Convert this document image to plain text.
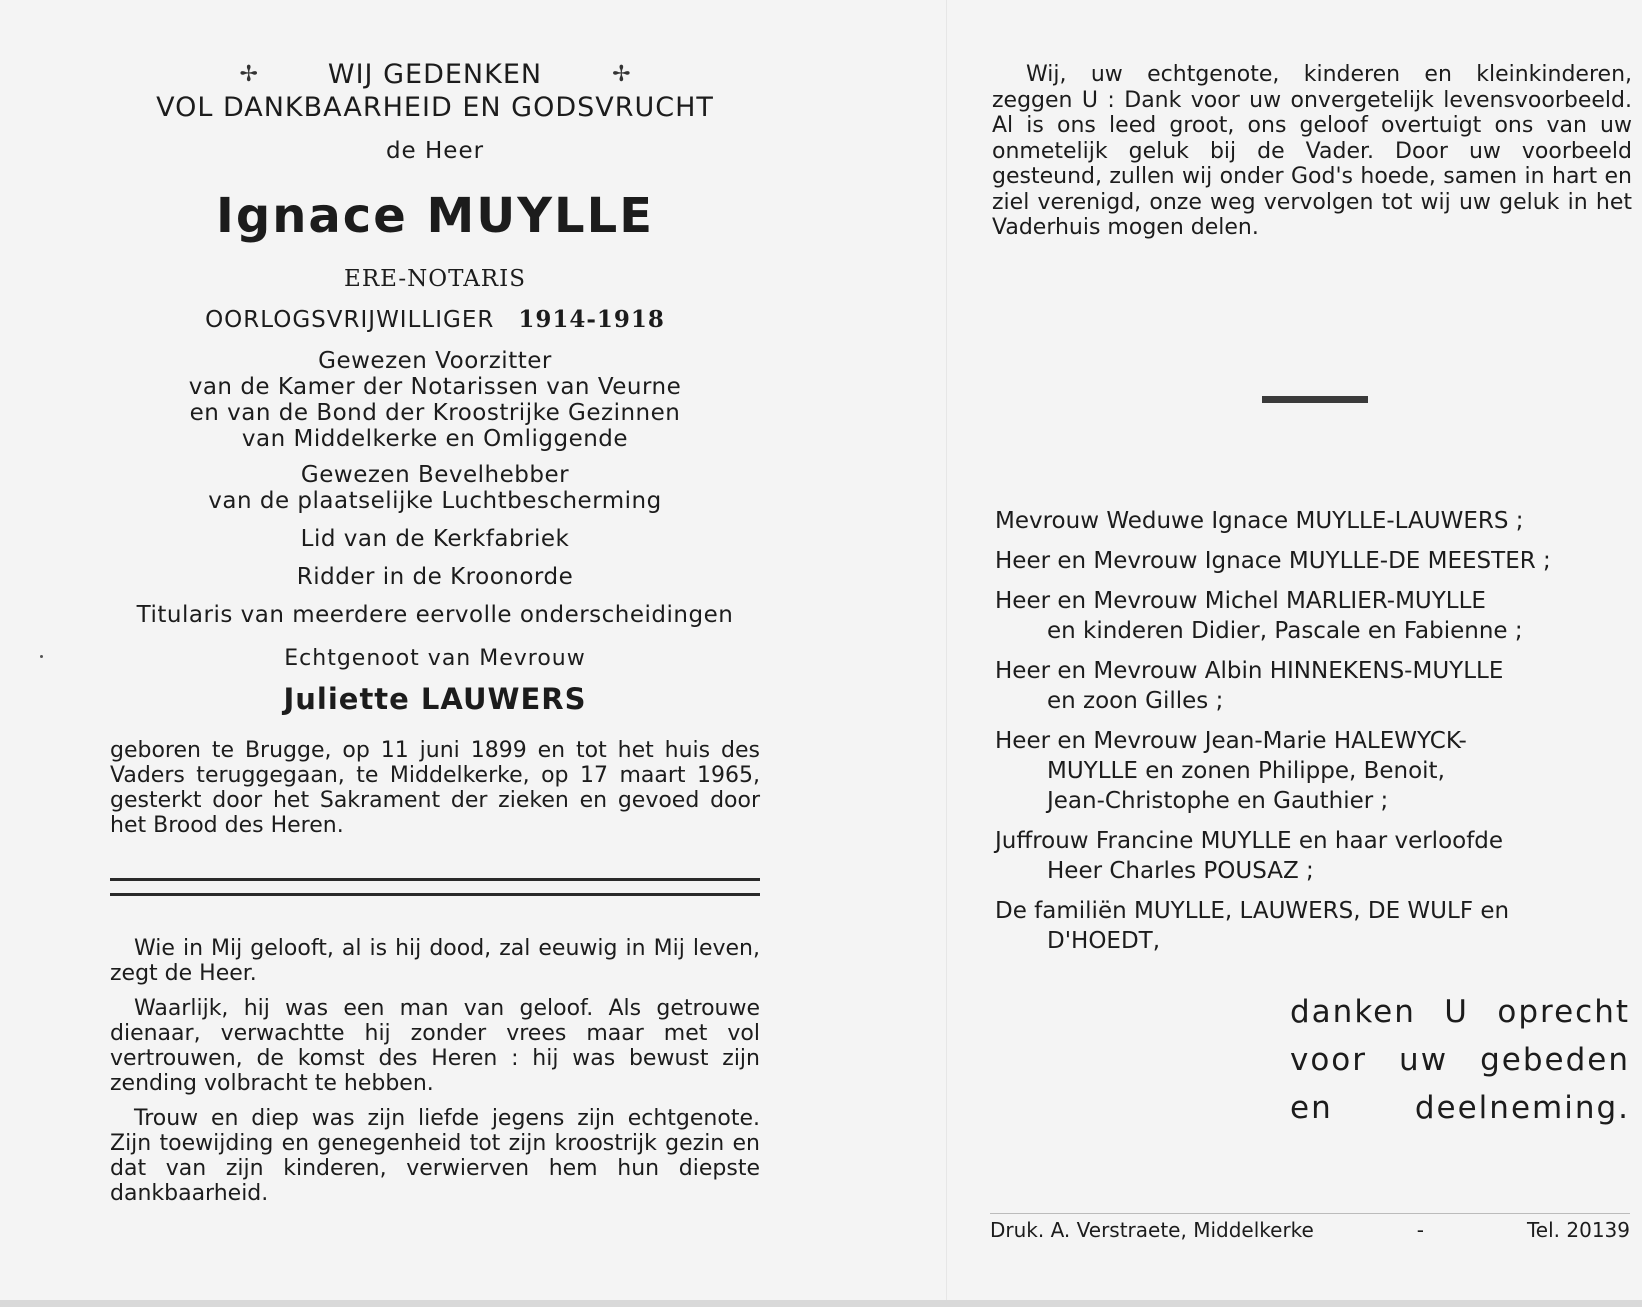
✢	WIJ GEDENKEN	✢
VOL DANKBAARHEID EN GODSVRUCHT
de Heer
Ignace MUYLLE
ERE-NOTARIS
OORLOGSVRIJWILLIGER 1914-1918
Gewezen Voorzitter
van de Kamer der Notarissen van Veurne
en van de Bond der Kroostrijke Gezinnen
van Middelkerke en Omliggende
Gewezen Bevelhebber
van de plaatselijke Luchtbescherming
Lid van de Kerkfabriek
Ridder in de Kroonorde
Titularis van meerdere eervolle onderscheidingen
Echtgenoot van Mevrouw
Juliette LAUWERS
geboren te Brugge, op 11 juni 1899 en tot het huis des Vaders teruggegaan, te Middelkerke, op 17 maart 1965, gesterkt door het Sakrament der zieken en gevoed door het Brood des Heren.
Wie in Mij gelooft, al is hij dood, zal eeuwig in Mij leven, zegt de Heer.
Waarlijk, hij was een man van geloof. Als getrouwe dienaar, verwachtte hij zonder vrees maar met vol vertrouwen, de komst des Heren : hij was bewust zijn zending volbracht te hebben.
Trouw en diep was zijn liefde jegens zijn echtgenote. Zijn toewijding en genegenheid tot zijn kroostrijk gezin en dat van zijn kinderen, verwierven hem hun diepste dankbaarheid.
Wij, uw echtgenote, kinderen en kleinkinderen, zeggen U : Dank voor uw onvergetelijk levensvoorbeeld. Al is ons leed groot, ons geloof overtuigt ons van uw onmetelijk geluk bij de Vader. Door uw voorbeeld gesteund, zullen wij onder God's hoede, samen in hart en ziel verenigd, onze weg vervolgen tot wij uw geluk in het Vaderhuis mogen delen.
Mevrouw Weduwe Ignace MUYLLE-LAUWERS ;
Heer en Mevrouw Ignace MUYLLE-DE MEESTER ;
Heer en Mevrouw Michel MARLIER-MUYLLE
en kinderen Didier, Pascale en Fabienne ;
Heer en Mevrouw Albin HINNEKENS-MUYLLE
en zoon Gilles ;
Heer en Mevrouw Jean-Marie HALEWYCK-
MUYLLE en zonen Philippe, Benoit,
Jean-Christophe en Gauthier ;
Juffrouw Francine MUYLLE en haar verloofde
Heer Charles POUSAZ ;
De familiën MUYLLE, LAUWERS, DE WULF en
D'HOEDT,
danken U oprecht
voor uw gebeden
en deelneming.
Druk. A. Verstraete, Middelkerke	-	Tel. 20139
